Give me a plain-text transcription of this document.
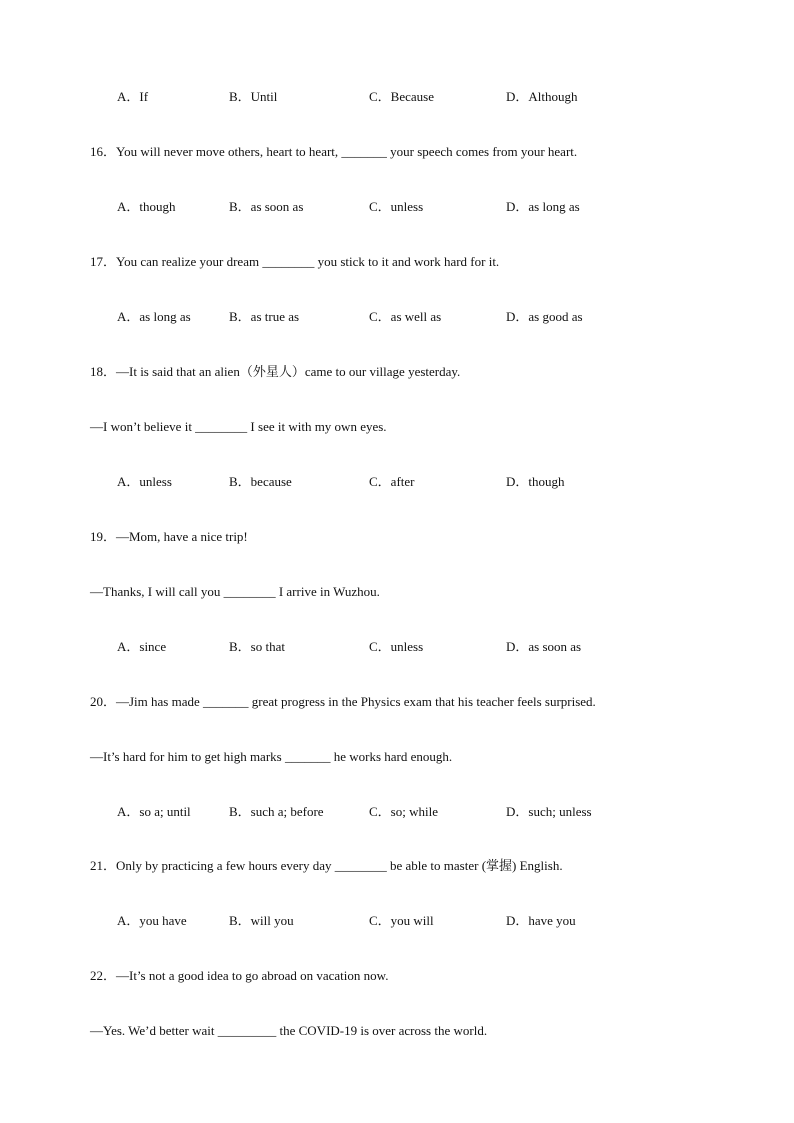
A．If	B．Until	C．Because	D．Although
16．You will never move others, heart to heart, _______ your speech comes from your heart.
A．though	B．as soon as	C．unless	D．as long as
17．You can realize your dream ________ you stick to it and work hard for it.
A．as long as	B．as true as	C．as well as	D．as good as
18．—It is said that an alien（外星人）came to our village yesterday.
—I won’t believe it ________ I see it with my own eyes.
A．unless	B．because	C．after	D．though
19．—Mom, have a nice trip!
—Thanks, I will call you ________ I arrive in Wuzhou.
A．since	B．so that	C．unless	D．as soon as
20．—Jim has made _______ great progress in the Physics exam that his teacher feels surprised.
—It’s hard for him to get high marks _______ he works hard enough.
A．so a; until	B．such a; before	C．so; while	D．such; unless
21．Only by practicing a few hours every day ________ be able to master (掌握) English.
A．you have	B．will you	C．you will	D．have you
22．—It’s not a good idea to go abroad on vacation now.
—Yes. We’d better wait _________ the COVID-19 is over across the world.
